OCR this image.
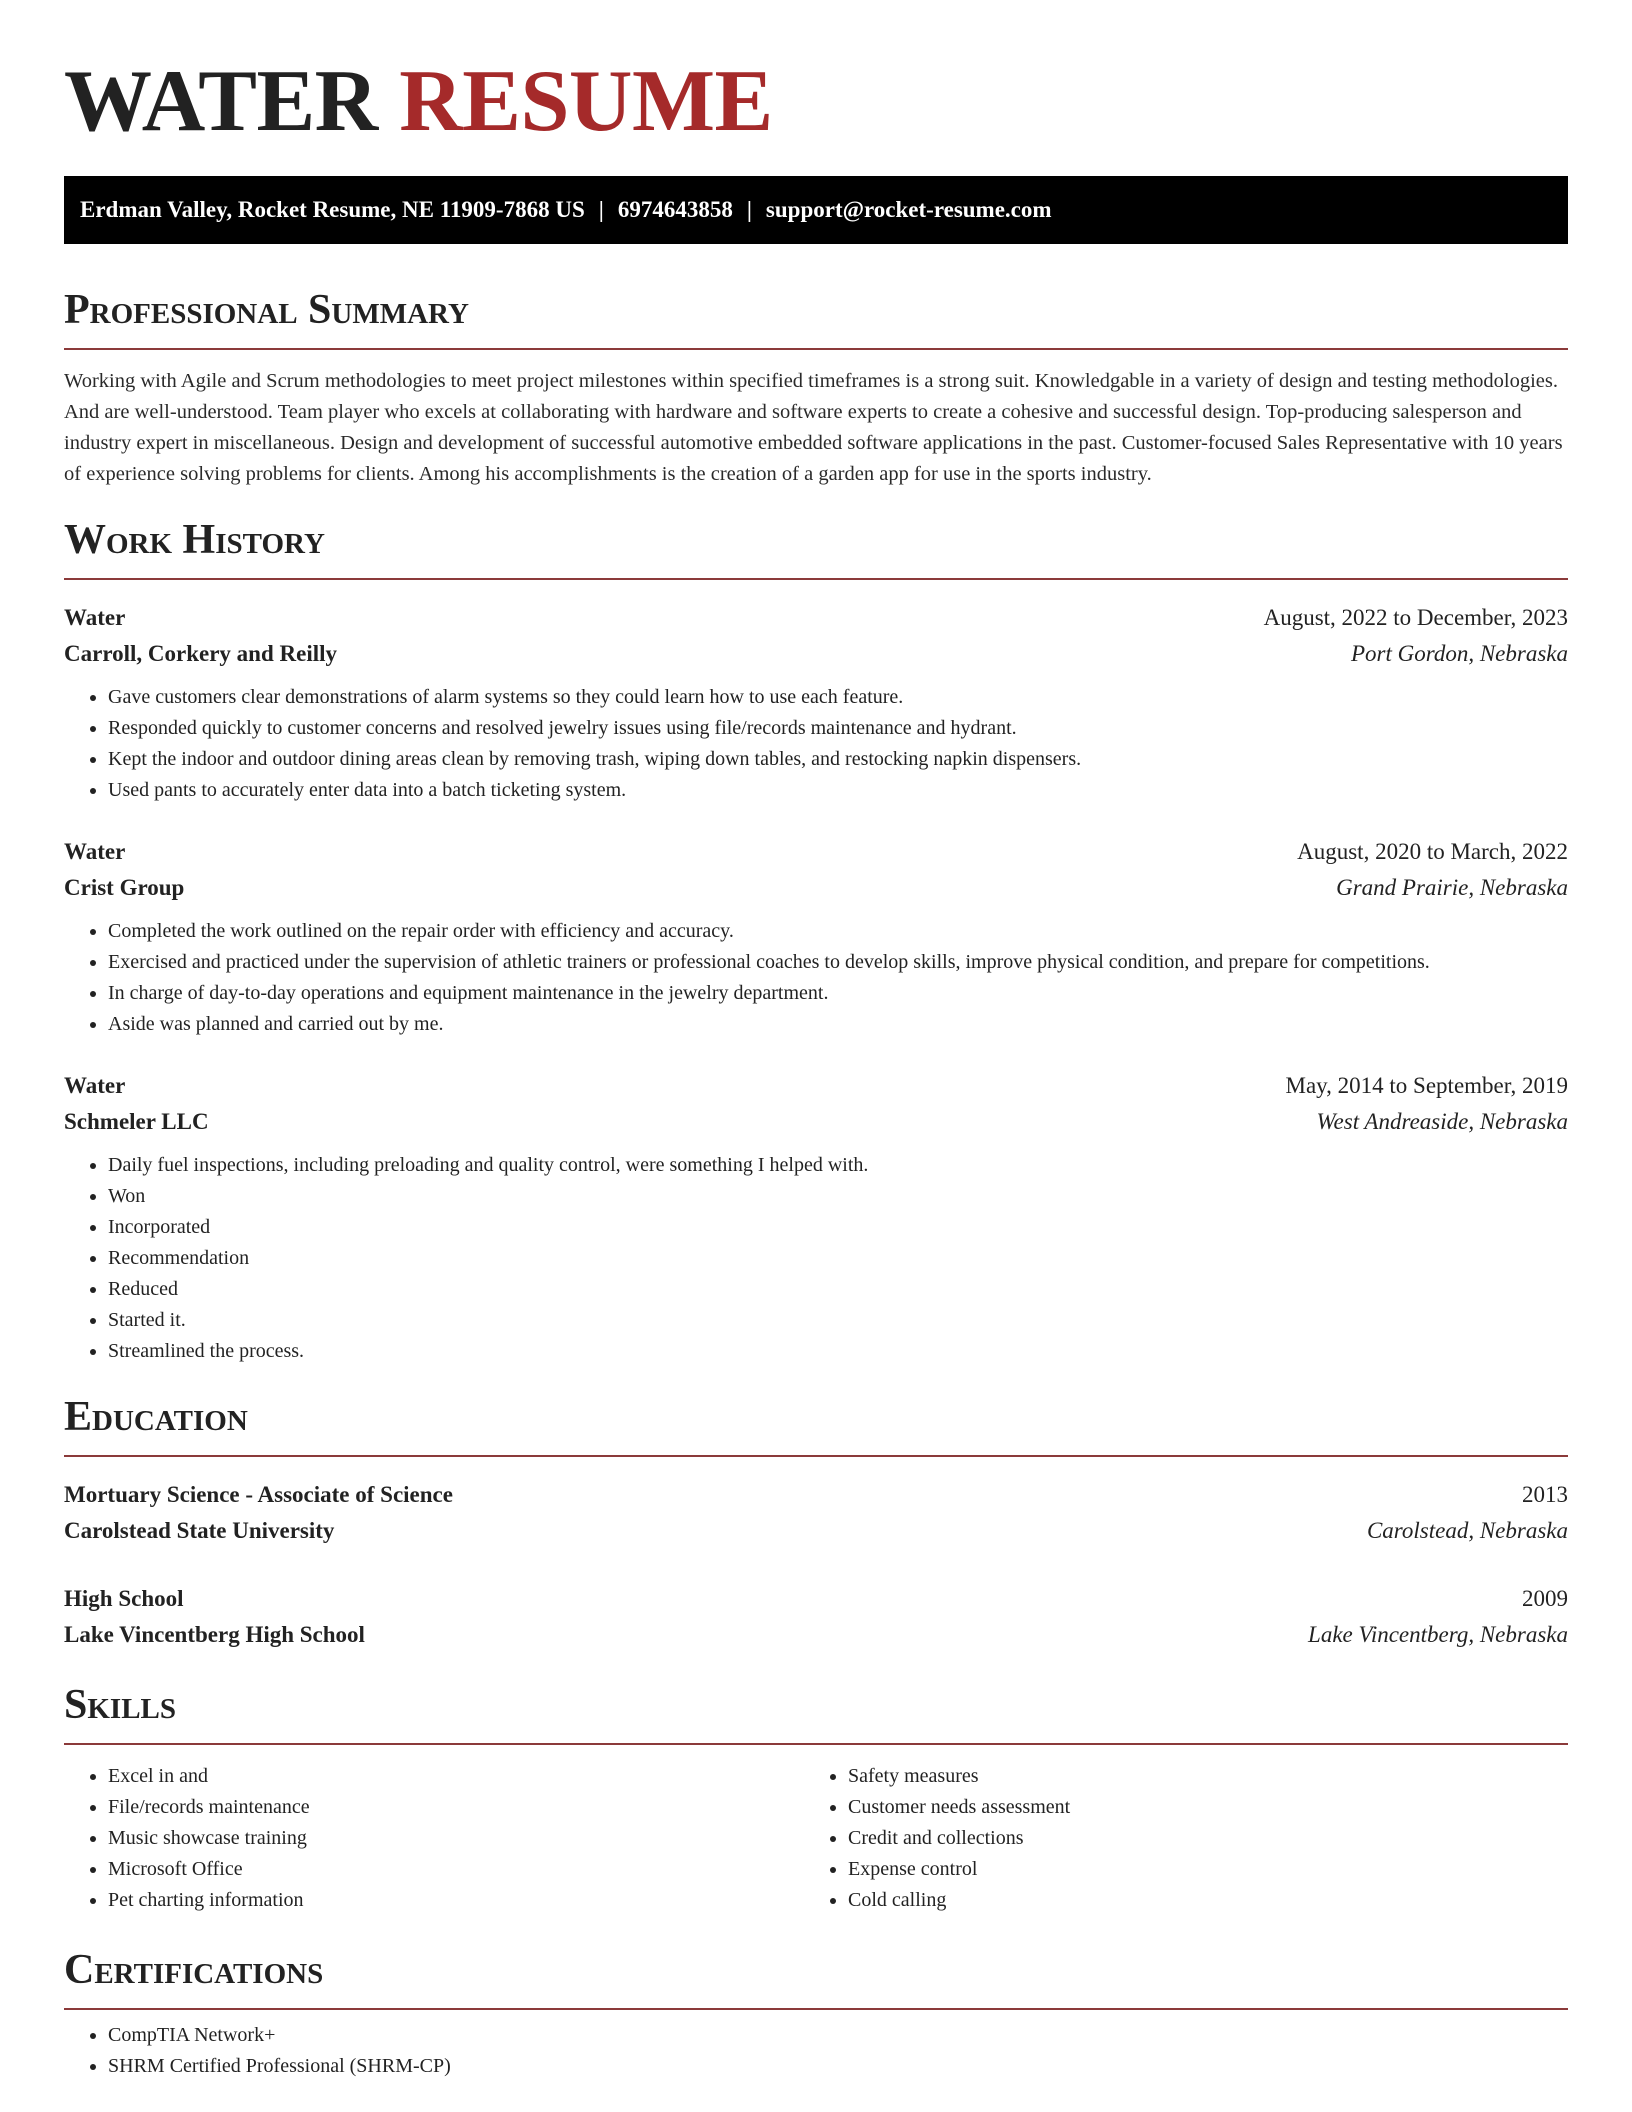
WATER RESUME
Erdman Valley, Rocket Resume, NE 11909-7868 US | 6974643858 | support@rocket-resume.com
Professional Summary
Working with Agile and Scrum methodologies to meet project milestones within specified timeframes is a strong suit. Knowledgable in a variety of design and testing methodologies. And are well-understood. Team player who excels at collaborating with hardware and software experts to create a cohesive and successful design. Top-producing salesperson and industry expert in miscellaneous. Design and development of successful automotive embedded software applications in the past. Customer-focused Sales Representative with 10 years of experience solving problems for clients. Among his accomplishments is the creation of a garden app for use in the sports industry.
Work History
Water	August, 2022 to December, 2023
Carroll, Corkery and Reilly	Port Gordon, Nebraska
• Gave customers clear demonstrations of alarm systems so they could learn how to use each feature.
• Responded quickly to customer concerns and resolved jewelry issues using file/records maintenance and hydrant.
• Kept the indoor and outdoor dining areas clean by removing trash, wiping down tables, and restocking napkin dispensers.
• Used pants to accurately enter data into a batch ticketing system.
Water	August, 2020 to March, 2022
Crist Group	Grand Prairie, Nebraska
• Completed the work outlined on the repair order with efficiency and accuracy.
• Exercised and practiced under the supervision of athletic trainers or professional coaches to develop skills, improve physical condition, and prepare for competitions.
• In charge of day-to-day operations and equipment maintenance in the jewelry department.
• Aside was planned and carried out by me.
Water	May, 2014 to September, 2019
Schmeler LLC	West Andreaside, Nebraska
• Daily fuel inspections, including preloading and quality control, were something I helped with.
• Won
• Incorporated
• Recommendation
• Reduced
• Started it.
• Streamlined the process.
Education
Mortuary Science - Associate of Science	2013
Carolstead State University	Carolstead, Nebraska
High School	2009
Lake Vincentberg High School	Lake Vincentberg, Nebraska
Skills
• Excel in and
• File/records maintenance
• Music showcase training
• Microsoft Office
• Pet charting information
• Safety measures
• Customer needs assessment
• Credit and collections
• Expense control
• Cold calling
Certifications
• CompTIA Network+
• SHRM Certified Professional (SHRM-CP)
